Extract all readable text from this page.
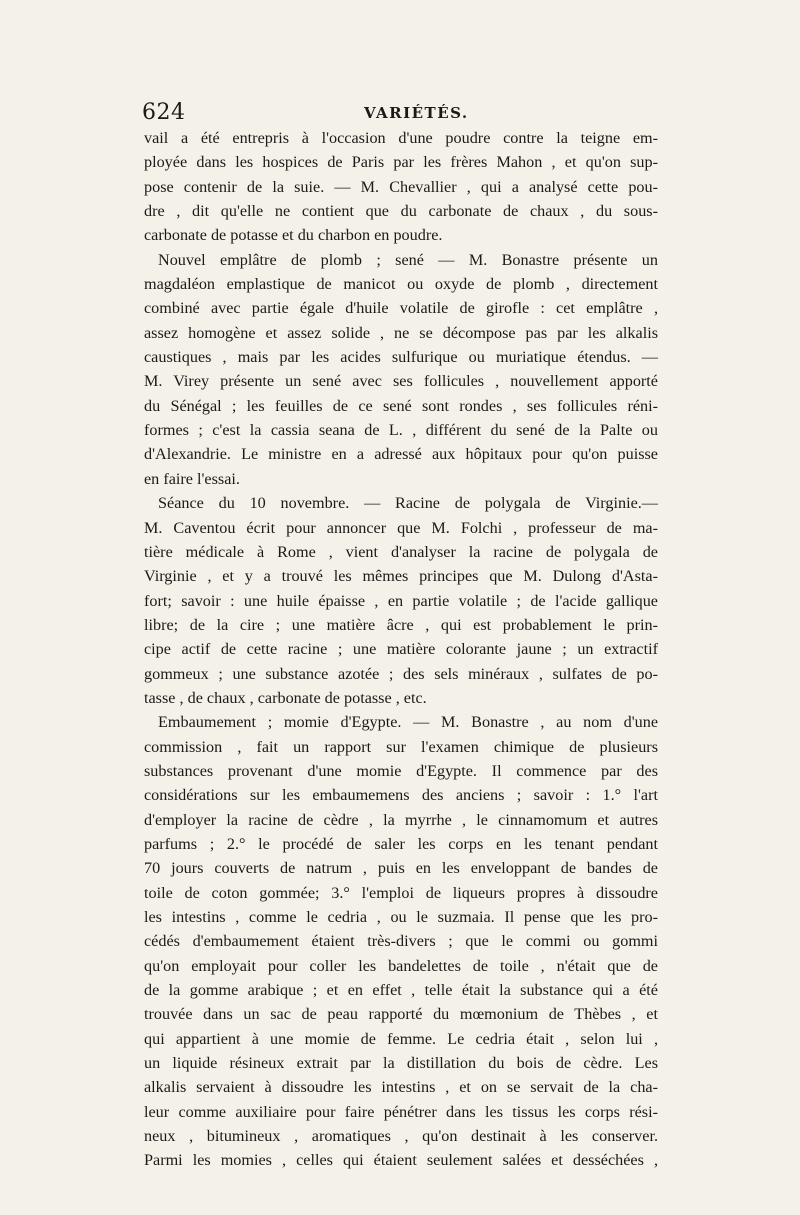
624	VARIÉTÉS.
vail a été entrepris à l'occasion d'une poudre contre la teigne em-
ployée dans les hospices de Paris par les frères Mahon , et qu'on sup-
pose contenir de la suie. — M. Chevallier , qui a analysé cette pou-
dre , dit qu'elle ne contient que du carbonate de chaux , du sous-
carbonate de potasse et du charbon en poudre.
Nouvel emplâtre de plomb ; sené — M. Bonastre présente un
magdaléon emplastique de manicot ou oxyde de plomb , directement
combiné avec partie égale d'huile volatile de girofle : cet emplâtre ,
assez homogène et assez solide , ne se décompose pas par les alkalis
caustiques , mais par les acides sulfurique ou muriatique étendus. —
M. Virey présente un sené avec ses follicules , nouvellement apporté
du Sénégal ; les feuilles de ce sené sont rondes , ses follicules réni-
formes ; c'est la cassia seana de L. , différent du sené de la Palte ou
d'Alexandrie. Le ministre en a adressé aux hôpitaux pour qu'on puisse
en faire l'essai.
Séance du 10 novembre. — Racine de polygala de Virginie.—
M. Caventou écrit pour annoncer que M. Folchi , professeur de ma-
tière médicale à Rome , vient d'analyser la racine de polygala de
Virginie , et y a trouvé les mêmes principes que M. Dulong d'Asta-
fort; savoir : une huile épaisse , en partie volatile ; de l'acide gallique
libre; de la cire ; une matière âcre , qui est probablement le prin-
cipe actif de cette racine ; une matière colorante jaune ; un extractif
gommeux ; une substance azotée ; des sels minéraux , sulfates de po-
tasse , de chaux , carbonate de potasse , etc.
Embaumement ; momie d'Egypte. — M. Bonastre , au nom d'une
commission , fait un rapport sur l'examen chimique de plusieurs
substances provenant d'une momie d'Egypte. Il commence par des
considérations sur les embaumemens des anciens ; savoir : 1.° l'art
d'employer la racine de cèdre , la myrrhe , le cinnamomum et autres
parfums ; 2.° le procédé de saler les corps en les tenant pendant
70 jours couverts de natrum , puis en les enveloppant de bandes de
toile de coton gommée; 3.° l'emploi de liqueurs propres à dissoudre
les intestins , comme le cedria , ou le suzmaia. Il pense que les pro-
cédés d'embaumement étaient très-divers ; que le commi ou gommi
qu'on employait pour coller les bandelettes de toile , n'était que de
de la gomme arabique ; et en effet , telle était la substance qui a été
trouvée dans un sac de peau rapporté du mœmonium de Thèbes , et
qui appartient à une momie de femme. Le cedria était , selon lui ,
un liquide résineux extrait par la distillation du bois de cèdre. Les
alkalis servaient à dissoudre les intestins , et on se servait de la cha-
leur comme auxiliaire pour faire pénétrer dans les tissus les corps rési-
neux , bitumineux , aromatiques , qu'on destinait à les conserver.
Parmi les momies , celles qui étaient seulement salées et desséchées ,
